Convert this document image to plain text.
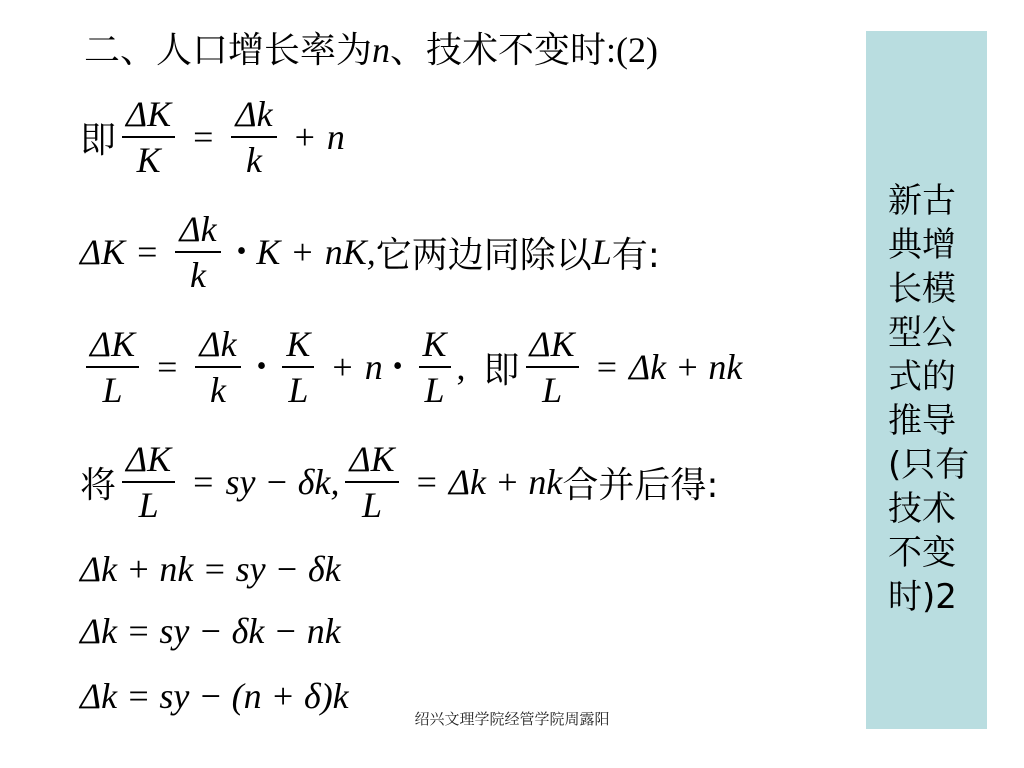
二、人口增长率为n、技术不变时:(2)
即 $\frac{\Delta K}{K} = \frac{\Delta k}{k} + n$
$\Delta K = \frac{\Delta k}{k}$ • K + nK, 它两边同除以 L 有:
$\frac{\Delta K}{L} = \frac{\Delta k}{k}$ • $\frac{K}{L} + n$ • $\frac{K}{L}$ , 即 $\frac{\Delta K}{L} = \Delta k$ + nk
将 $\frac{\Delta K}{L}$ = sy − δk, $\frac{\Delta K}{L} = \Delta k$ + nk 合并后得:
Δk + nk = sy − δk
Δk = sy − δk − nk
Δk = sy − (n + δ)k
新古典增长模型公式的推导(只有技术不变时)2
绍兴文理学院经管学院周露阳
